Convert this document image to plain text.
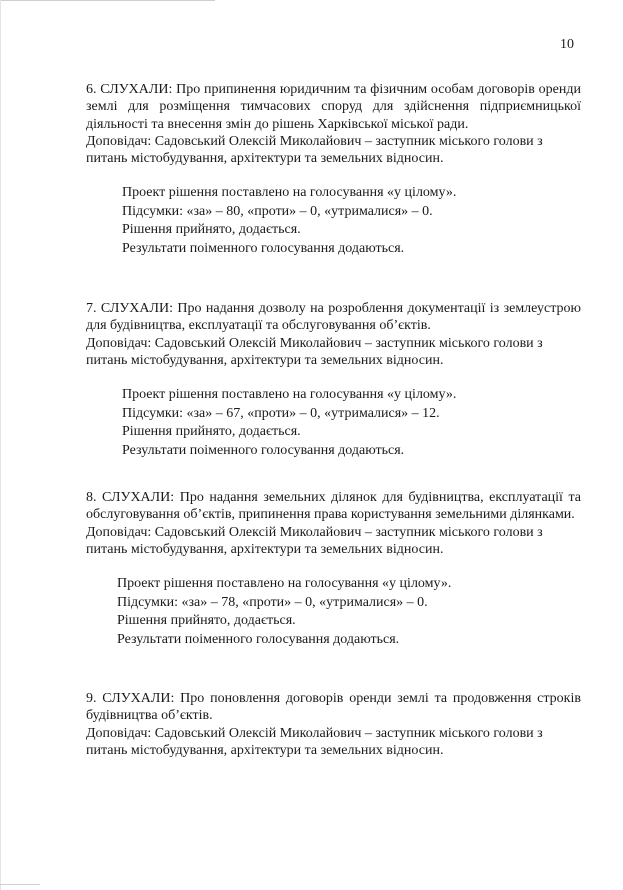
10

6. СЛУХАЛИ: Про припинення юридичним та фізичним особам договорів оренди землі для розміщення тимчасових споруд для здійснення підприємницької діяльності та внесення змін до рішень Харківської міської ради.

Доповідач: Садовський Олексій Миколайович – заступник міського голови з питань містобудування, архітектури та земельних відносин.

Проект рішення поставлено на голосування «у цілому».

Підсумки: «за» – 80, «проти» – 0, «утрималися» – 0.

Рішення прийнято, додається.

Результати поіменного голосування додаються.

7. СЛУХАЛИ: Про надання дозволу на розроблення документації із землеустрою для будівництва, експлуатації та обслуговування об’єктів.

Доповідач: Садовський Олексій Миколайович – заступник міського голови з питань містобудування, архітектури та земельних відносин.

Проект рішення поставлено на голосування «у цілому».

Підсумки: «за» – 67, «проти» – 0, «утрималися» – 12.

Рішення прийнято, додається.

Результати поіменного голосування додаються.

8. СЛУХАЛИ: Про надання земельних ділянок для будівництва, експлуатації та обслуговування об’єктів, припинення права користування земельними ділянками.

Доповідач: Садовський Олексій Миколайович – заступник міського голови з питань містобудування, архітектури та земельних відносин.

Проект рішення поставлено на голосування «у цілому».

Підсумки: «за» – 78, «проти» – 0, «утрималися» – 0.

Рішення прийнято, додається.

Результати поіменного голосування додаються.

9. СЛУХАЛИ: Про поновлення договорів оренди землі та продовження строків будівництва об’єктів.

Доповідач: Садовський Олексій Миколайович – заступник міського голови з питань містобудування, архітектури та земельних відносин.
